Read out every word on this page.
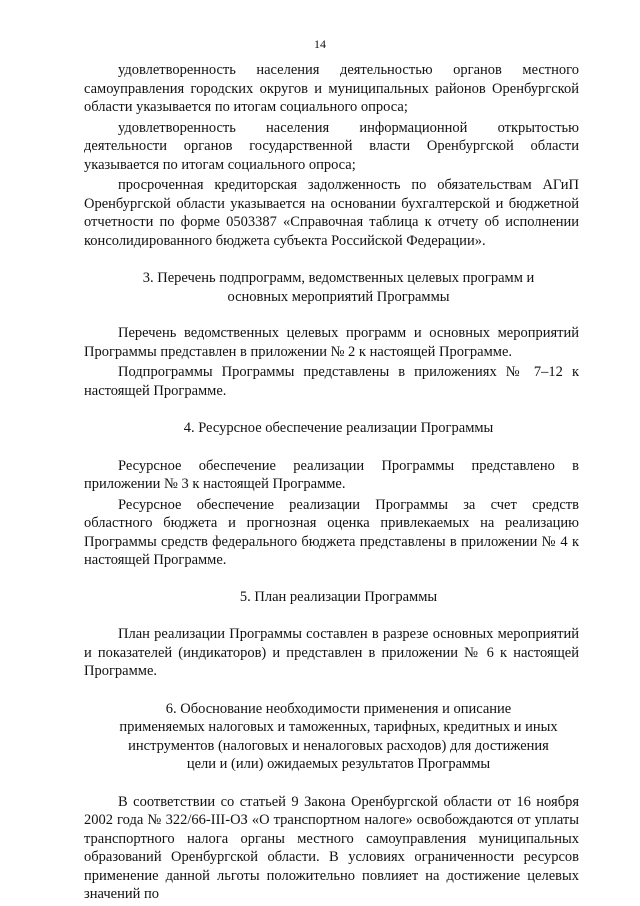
14

удовлетворенность населения деятельностью органов местного самоуправления городских округов и муниципальных районов Оренбургской области указывается по итогам социального опроса;

удовлетворенность населения информационной открытостью деятельности органов государственной власти Оренбургской области указывается по итогам социального опроса;

просроченная кредиторская задолженность по обязательствам АГиП Оренбургской области указывается на основании бухгалтерской и бюджетной отчетности по форме 0503387 «Справочная таблица к отчету об исполнении консолидированного бюджета субъекта Российской Федерации».

3. Перечень подпрограмм, ведомственных целевых программ и
основных мероприятий Программы

Перечень ведомственных целевых программ и основных мероприятий Программы представлен в приложении № 2 к настоящей Программе.

Подпрограммы Программы представлены в приложениях № 7–12 к настоящей Программе.

4. Ресурсное обеспечение реализации Программы

Ресурсное обеспечение реализации Программы представлено в приложении № 3 к настоящей Программе.

Ресурсное обеспечение реализации Программы за счет средств областного бюджета и прогнозная оценка привлекаемых на реализацию Программы средств федерального бюджета представлены в приложении № 4 к настоящей Программе.

5. План реализации Программы

План реализации Программы составлен в разрезе основных мероприятий и показателей (индикаторов) и представлен в приложении № 6 к настоящей Программе.

6. Обоснование необходимости применения и описание
применяемых налоговых и таможенных, тарифных, кредитных и иных
инструментов (налоговых и неналоговых расходов) для достижения
цели и (или) ожидаемых результатов Программы

В соответствии со статьей 9 Закона Оренбургской области от 16 ноября 2002 года № 322/66-III-ОЗ «О транспортном налоге» освобождаются от уплаты транспортного налога органы местного самоуправления муниципальных образований Оренбургской области. В условиях ограниченности ресурсов применение данной льготы положительно повлияет на достижение целевых значений по
